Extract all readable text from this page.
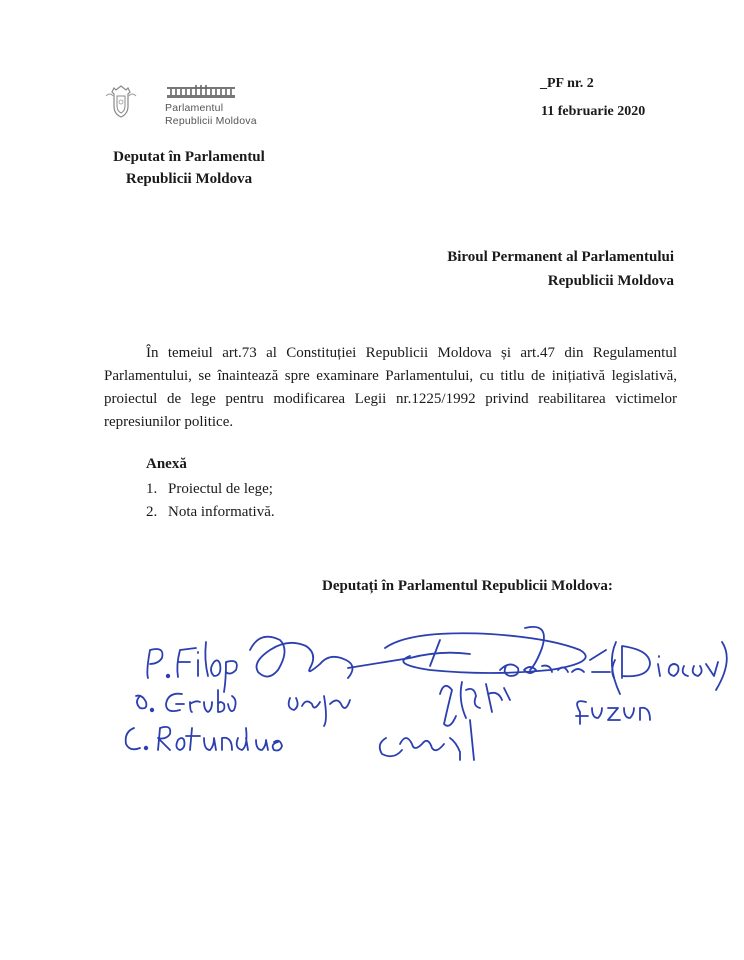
Parlamentul
Republicii Moldova
_PF nr. 2
11 februarie 2020
Deputat în Parlamentul
Republicii Moldova
Biroul Permanent al Parlamentului
Republicii Moldova

În temeiul art.73 al Constituției Republicii Moldova și art.47 din Regulamentul Parlamentului, se înaintează spre examinare Parlamentului, cu titlu de inițiativă legislativă, proiectul de lege pentru modificarea Legii nr.1225/1992 privind reabilitarea victimelor represiunilor politice.

Anexă
1. Proiectul de lege;
2. Nota informativă.
Deputați în Parlamentul Republicii Moldova:
